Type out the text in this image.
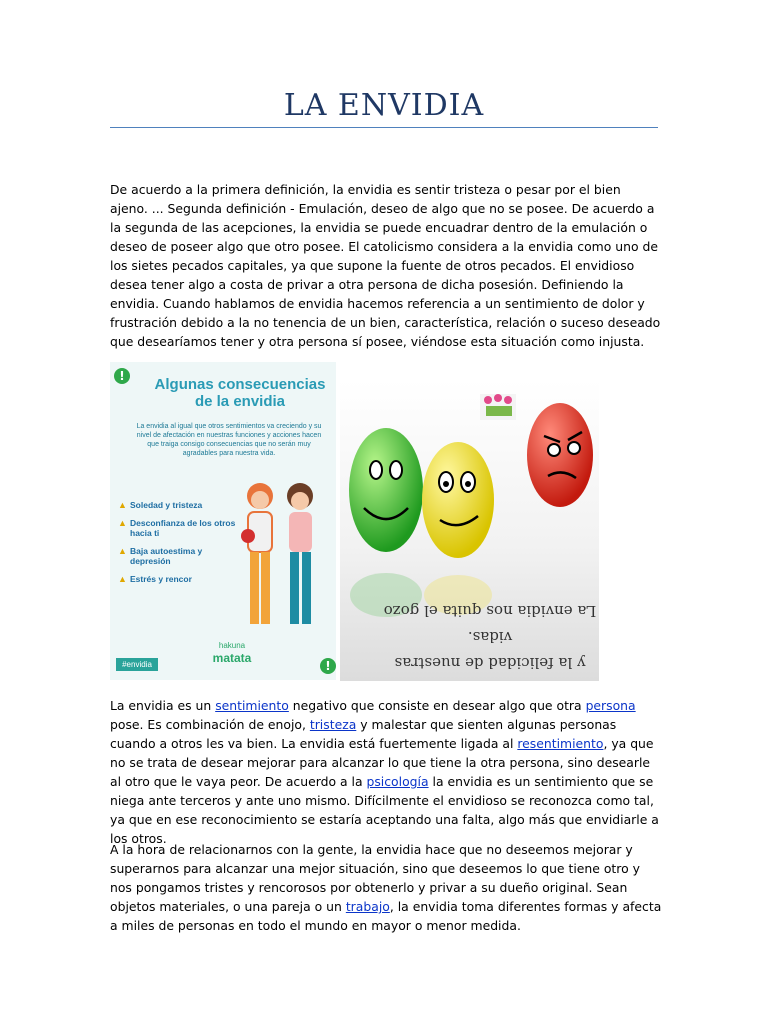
LA ENVIDIA
De acuerdo a la primera definición, la envidia es sentir tristeza o pesar por el bien ajeno. ... Segunda definición - Emulación, deseo de algo que no se posee. De acuerdo a la segunda de las acepciones, la envidia se puede encuadrar dentro de la emulación o deseo de poseer algo que otro posee. El catolicismo considera a la envidia como uno de los sietes pecados capitales, ya que supone la fuente de otros pecados. El envidioso desea tener algo a costa de privar a otra persona de dicha posesión. Definiendo la envidia. Cuando hablamos de envidia hacemos referencia a un sentimiento de dolor y frustración debido a la no tenencia de un bien, característica, relación o suceso deseado que desearíamos tener y otra persona sí posee, viéndose esta situación como injusta.
!	Algunas consecuencias de la envidia
La envidia al igual que otros sentimientos va creciendo y su nivel de afectación en nuestras funciones y acciones hacen que traiga consigo consecuencias que no serán muy agradables para nuestra vida.
▲ Soledad y tristeza
▲ Desconfianza de los otros hacia ti
▲ Baja autoestima y depresión
▲ Estrés y rencor
hakuna
matata
#envidia	!	y la felicidad de nuestras vidas.
La envidia nos quita el gozo
La envidia es un sentimiento negativo que consiste en desear algo que otra persona pose. Es combinación de enojo, tristeza y malestar que sienten algunas personas cuando a otros les va bien. La envidia está fuertemente ligada al resentimiento, ya que no se trata de desear mejorar para alcanzar lo que tiene la otra persona, sino desearle al otro que le vaya peor. De acuerdo a la psicología la envidia es un sentimiento que se niega ante terceros y ante uno mismo. Difícilmente el envidioso se reconozca como tal, ya que en ese reconocimiento se estaría aceptando una falta, algo más que envidiarle a los otros.
A la hora de relacionarnos con la gente, la envidia hace que no deseemos mejorar y superarnos para alcanzar una mejor situación, sino que deseemos lo que tiene otro y nos pongamos tristes y rencorosos por obtenerlo y privar a su dueño original. Sean objetos materiales, o una pareja o un trabajo, la envidia toma diferentes formas y afecta a miles de personas en todo el mundo en mayor o menor medida.
